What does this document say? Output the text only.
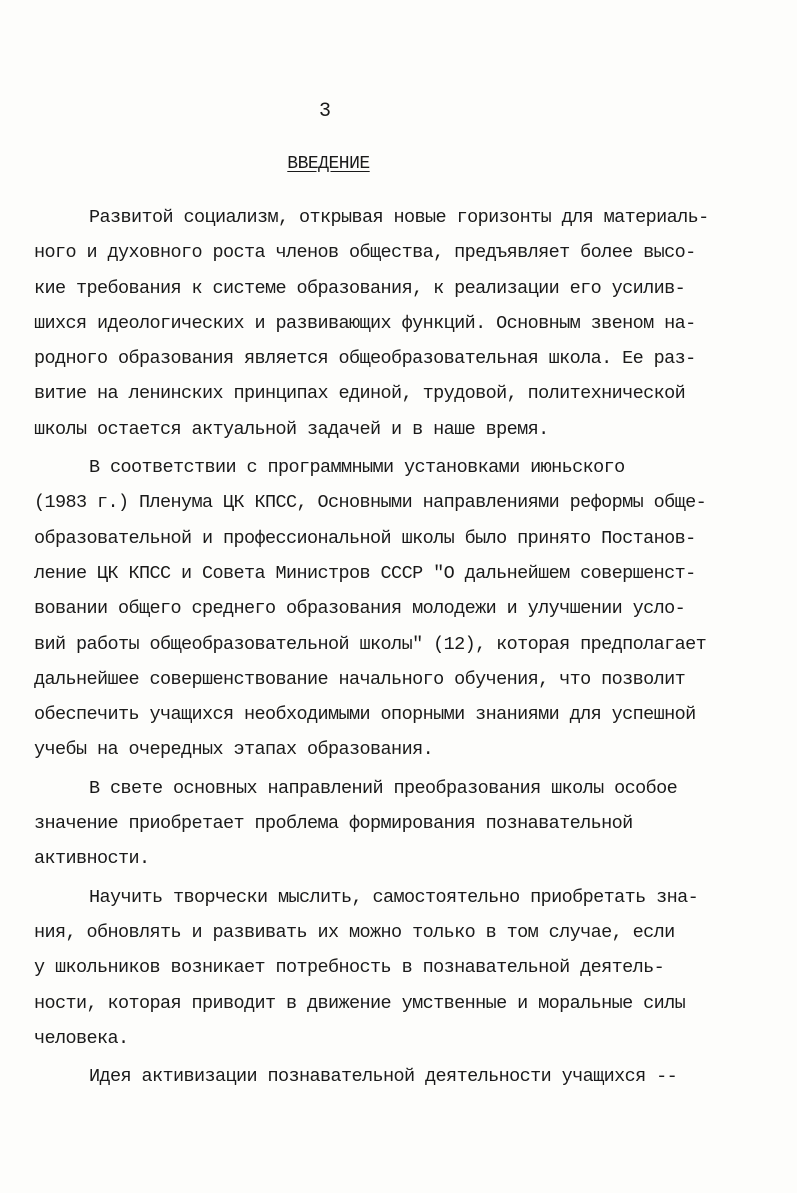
3
ВВЕДЕНИЕ
Развитой социализм, открывая новые горизонты для материаль-
ного и духовного роста членов общества, предъявляет более высо-
кие требования к системе образования, к реализации его усилив-
шихся идеологических и развивающих функций. Основным звеном на-
родного образования является общеобразовательная школа. Ее раз-
витие на ленинских принципах единой, трудовой, политехнической
школы остается актуальной задачей и в наше время.
В соответствии с программными установками июньского
(1983 г.) Пленума ЦК КПСС, Основными направлениями реформы обще-
образовательной и профессиональной школы было принято Постанов-
ление ЦК КПСС и Совета Министров СССР "О дальнейшем совершенст-
вовании общего среднего образования молодежи и улучшении усло-
вий работы общеобразовательной школы" (12), которая предполагает
дальнейшее совершенствование начального обучения, что позволит
обеспечить учащихся необходимыми опорными знаниями для успешной
учебы на очередных этапах образования.
В свете основных направлений преобразования школы особое
значение приобретает проблема формирования познавательной
активности.
Научить творчески мыслить, самостоятельно приобретать зна-
ния, обновлять и развивать их можно только в том случае, если
у школьников возникает потребность в познавательной деятель-
ности, которая приводит в движение умственные и моральные силы
человека.
Идея активизации познавательной деятельности учащихся --
